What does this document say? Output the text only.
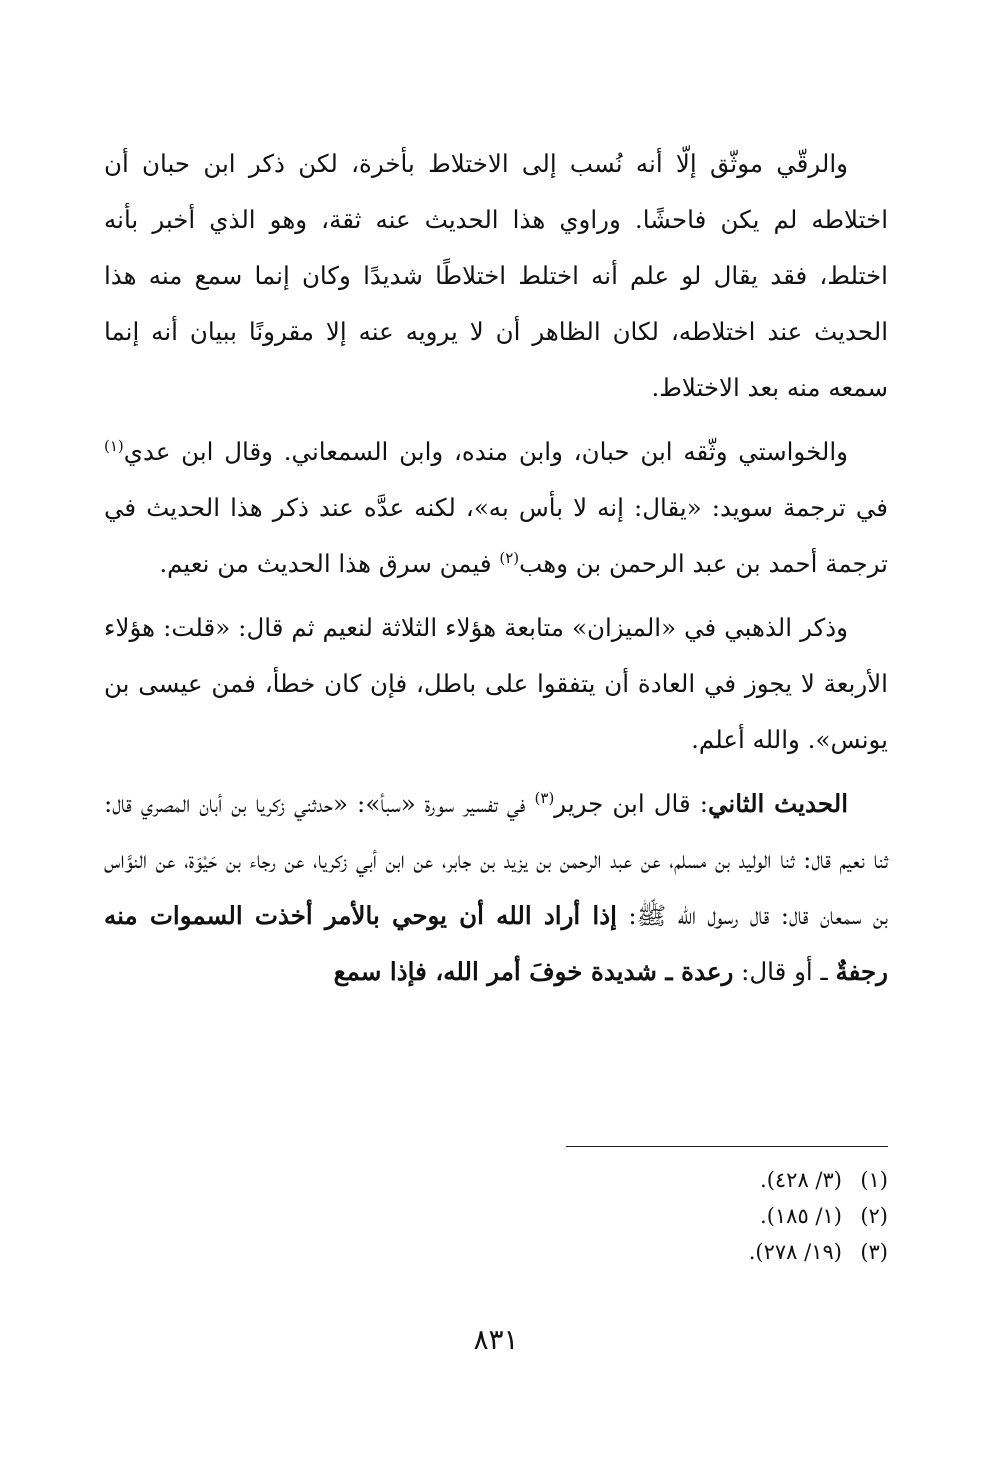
والرقّي موثّق إلّا أنه نُسب إلى الاختلاط بأخرة، لكن ذكر ابن حبان أن اختلاطه لم يكن فاحشًا. وراوي هذا الحديث عنه ثقة، وهو الذي أخبر بأنه اختلط، فقد يقال لو علم أنه اختلط اختلاطًا شديدًا وكان إنما سمع منه هذا الحديث عند اختلاطه، لكان الظاهر أن لا يرويه عنه إلا مقرونًا ببيان أنه إنما سمعه منه بعد الاختلاط.

والخواستي وثّقه ابن حبان، وابن منده، وابن السمعاني. وقال ابن عدي$^{(١)}$ في ترجمة سويد: «يقال: إنه لا بأس به»، لكنه عدَّه عند ذكر هذا الحديث في ترجمة أحمد بن عبد الرحمن بن وهب$^{(٢)}$ فيمن سرق هذا الحديث من نعيم.

وذكر الذهبي في «الميزان» متابعة هؤلاء الثلاثة لنعيم ثم قال: «قلت: هؤلاء الأربعة لا يجوز في العادة أن يتفقوا على باطل، فإن كان خطأ، فمن عيسى بن يونس». والله أعلم.

الحديث الثاني: قال ابن جرير$^{(٣)}$ في تفسير سورة «سبأ»: «حدثني زكريا بن أبان المصري قال: ثنا نعيم قال: ثنا الوليد بن مسلم، عن عبد الرحمن بن يزيد بن جابر، عن ابن أبي زكريا، عن رجاء بن حَيْوَة، عن النوَّاس بن سمعان قال: قال رسول الله ﷺ: إذا أراد الله أن يوحي بالأمر أخذت السموات منه رجفةٌ ـ أو قال: رعدة ـ شديدة خوفَ أمر الله، فإذا سمع

(١)(٣/ ٤٢٨).
(٢)(١/ ١٨٥).
(٣)(١٩/ ٢٧٨).
٨٣١
